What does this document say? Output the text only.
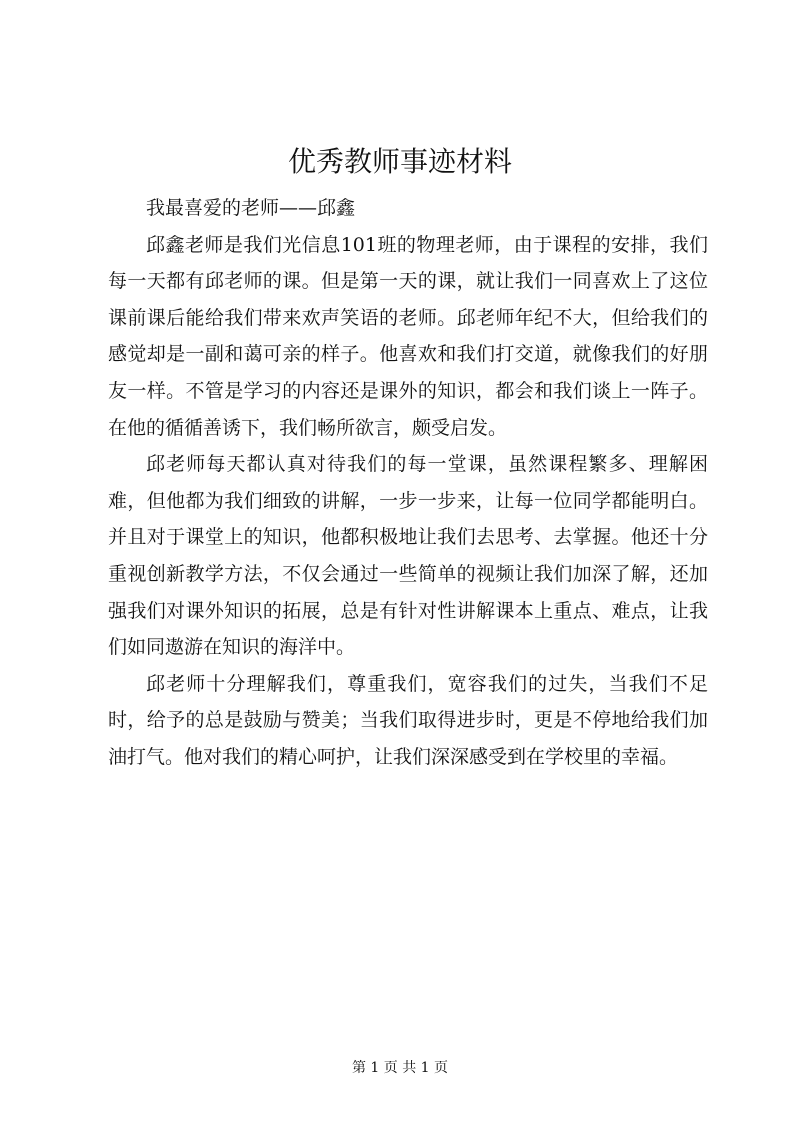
优秀教师事迹材料

我最喜爱的老师——邱鑫

邱鑫老师是我们光信息101班的物理老师，由于课程的安排，我们每一天都有邱老师的课。但是第一天的课，就让我们一同喜欢上了这位课前课后能给我们带来欢声笑语的老师。邱老师年纪不大，但给我们的感觉却是一副和蔼可亲的样子。他喜欢和我们打交道，就像我们的好朋友一样。不管是学习的内容还是课外的知识，都会和我们谈上一阵子。在他的循循善诱下，我们畅所欲言，颇受启发。

邱老师每天都认真对待我们的每一堂课，虽然课程繁多、理解困难，但他都为我们细致的讲解，一步一步来，让每一位同学都能明白。并且对于课堂上的知识，他都积极地让我们去思考、去掌握。他还十分重视创新教学方法，不仅会通过一些简单的视频让我们加深了解，还加强我们对课外知识的拓展，总是有针对性讲解课本上重点、难点，让我们如同遨游在知识的海洋中。

邱老师十分理解我们，尊重我们，宽容我们的过失，当我们不足时，给予的总是鼓励与赞美；当我们取得进步时，更是不停地给我们加油打气。他对我们的精心呵护，让我们深深感受到在学校里的幸福。

第 1 页 共 1 页
